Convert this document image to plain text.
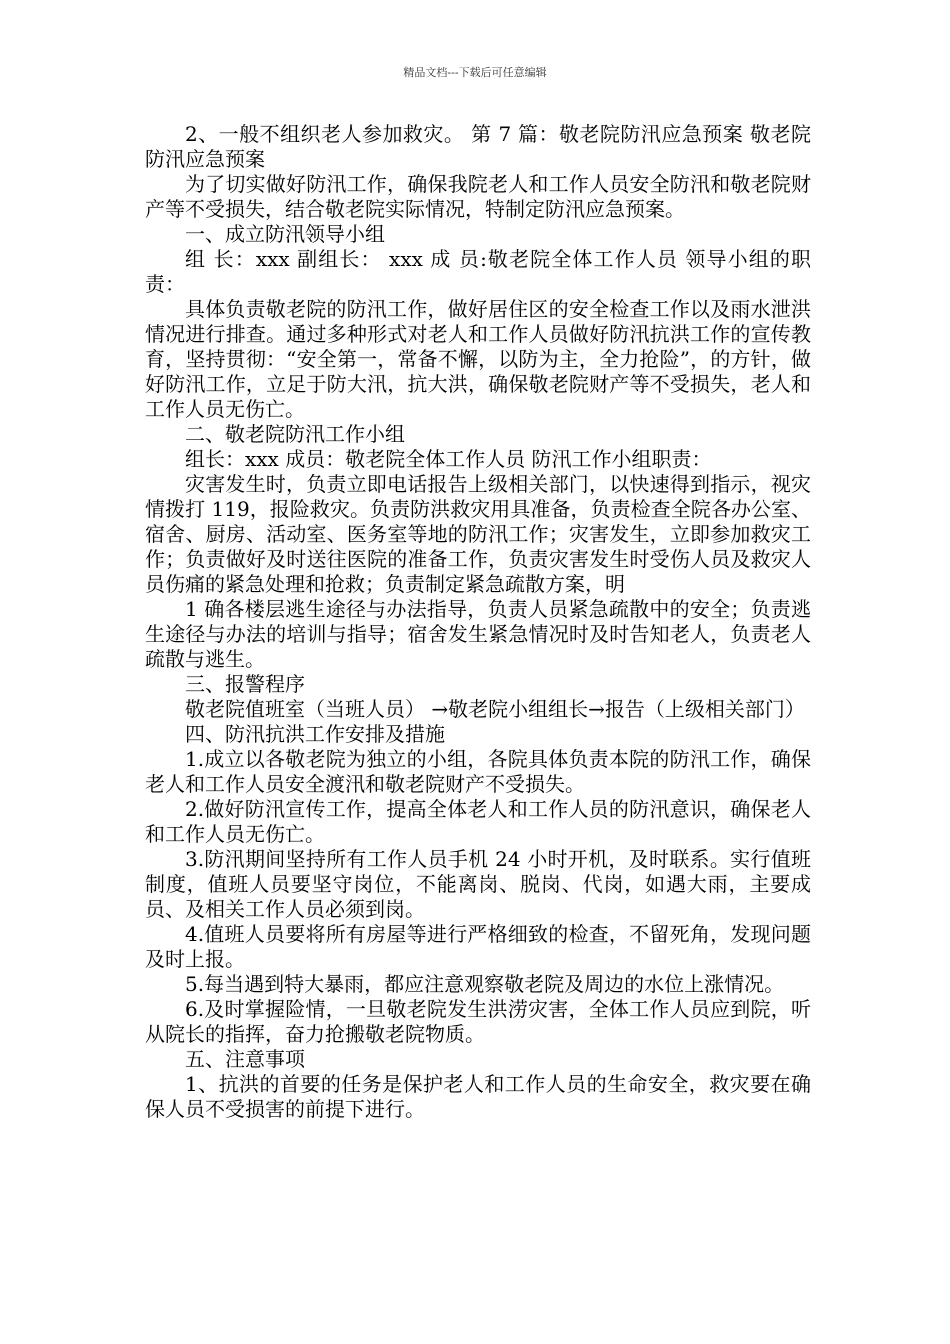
精品文档---下载后可任意编辑

2、一般不组织老人参加救灾。 第 7 篇：敬老院防汛应急预案 敬老院防汛应急预案

为了切实做好防汛工作，确保我院老人和工作人员安全防汛和敬老院财产等不受损失，结合敬老院实际情况，特制定防汛应急预案。

一、成立防汛领导小组

组 长：xxx 副组长： xxx 成 员:敬老院全体工作人员 领导小组的职责：

具体负责敬老院的防汛工作，做好居住区的安全检查工作以及雨水泄洪情况进行排查。通过多种形式对老人和工作人员做好防汛抗洪工作的宣传教育，坚持贯彻：“安全第一，常备不懈，以防为主，全力抢险”，的方针，做好防汛工作，立足于防大汛，抗大洪，确保敬老院财产等不受损失，老人和工作人员无伤亡。

二、敬老院防汛工作小组

组长：xxx 成员：敬老院全体工作人员 防汛工作小组职责：

灾害发生时，负责立即电话报告上级相关部门，以快速得到指示，视灾情拨打 119，报险救灾。负责防洪救灾用具准备，负责检查全院各办公室、宿舍、厨房、活动室、医务室等地的防汛工作；灾害发生，立即参加救灾工作；负责做好及时送往医院的准备工作，负责灾害发生时受伤人员及救灾人员伤痛的紧急处理和抢救；负责制定紧急疏散方案，明

1 确各楼层逃生途径与办法指导，负责人员紧急疏散中的安全；负责逃生途径与办法的培训与指导；宿舍发生紧急情况时及时告知老人，负责老人疏散与逃生。

三、报警程序

敬老院值班室（当班人员） →敬老院小组组长→报告（上级相关部门）

四、防汛抗洪工作安排及措施

1.成立以各敬老院为独立的小组，各院具体负责本院的防汛工作，确保老人和工作人员安全渡汛和敬老院财产不受损失。

2.做好防汛宣传工作，提高全体老人和工作人员的防汛意识，确保老人和工作人员无伤亡。

3.防汛期间坚持所有工作人员手机 24 小时开机，及时联系。实行值班制度，值班人员要坚守岗位，不能离岗、脱岗、代岗，如遇大雨，主要成员、及相关工作人员必须到岗。

4.值班人员要将所有房屋等进行严格细致的检查，不留死角，发现问题及时上报。

5.每当遇到特大暴雨，都应注意观察敬老院及周边的水位上涨情况。

6.及时掌握险情，一旦敬老院发生洪涝灾害，全体工作人员应到院，听从院长的指挥，奋力抢搬敬老院物质。

五、注意事项

1、抗洪的首要的任务是保护老人和工作人员的生命安全，救灾要在确保人员不受损害的前提下进行。
